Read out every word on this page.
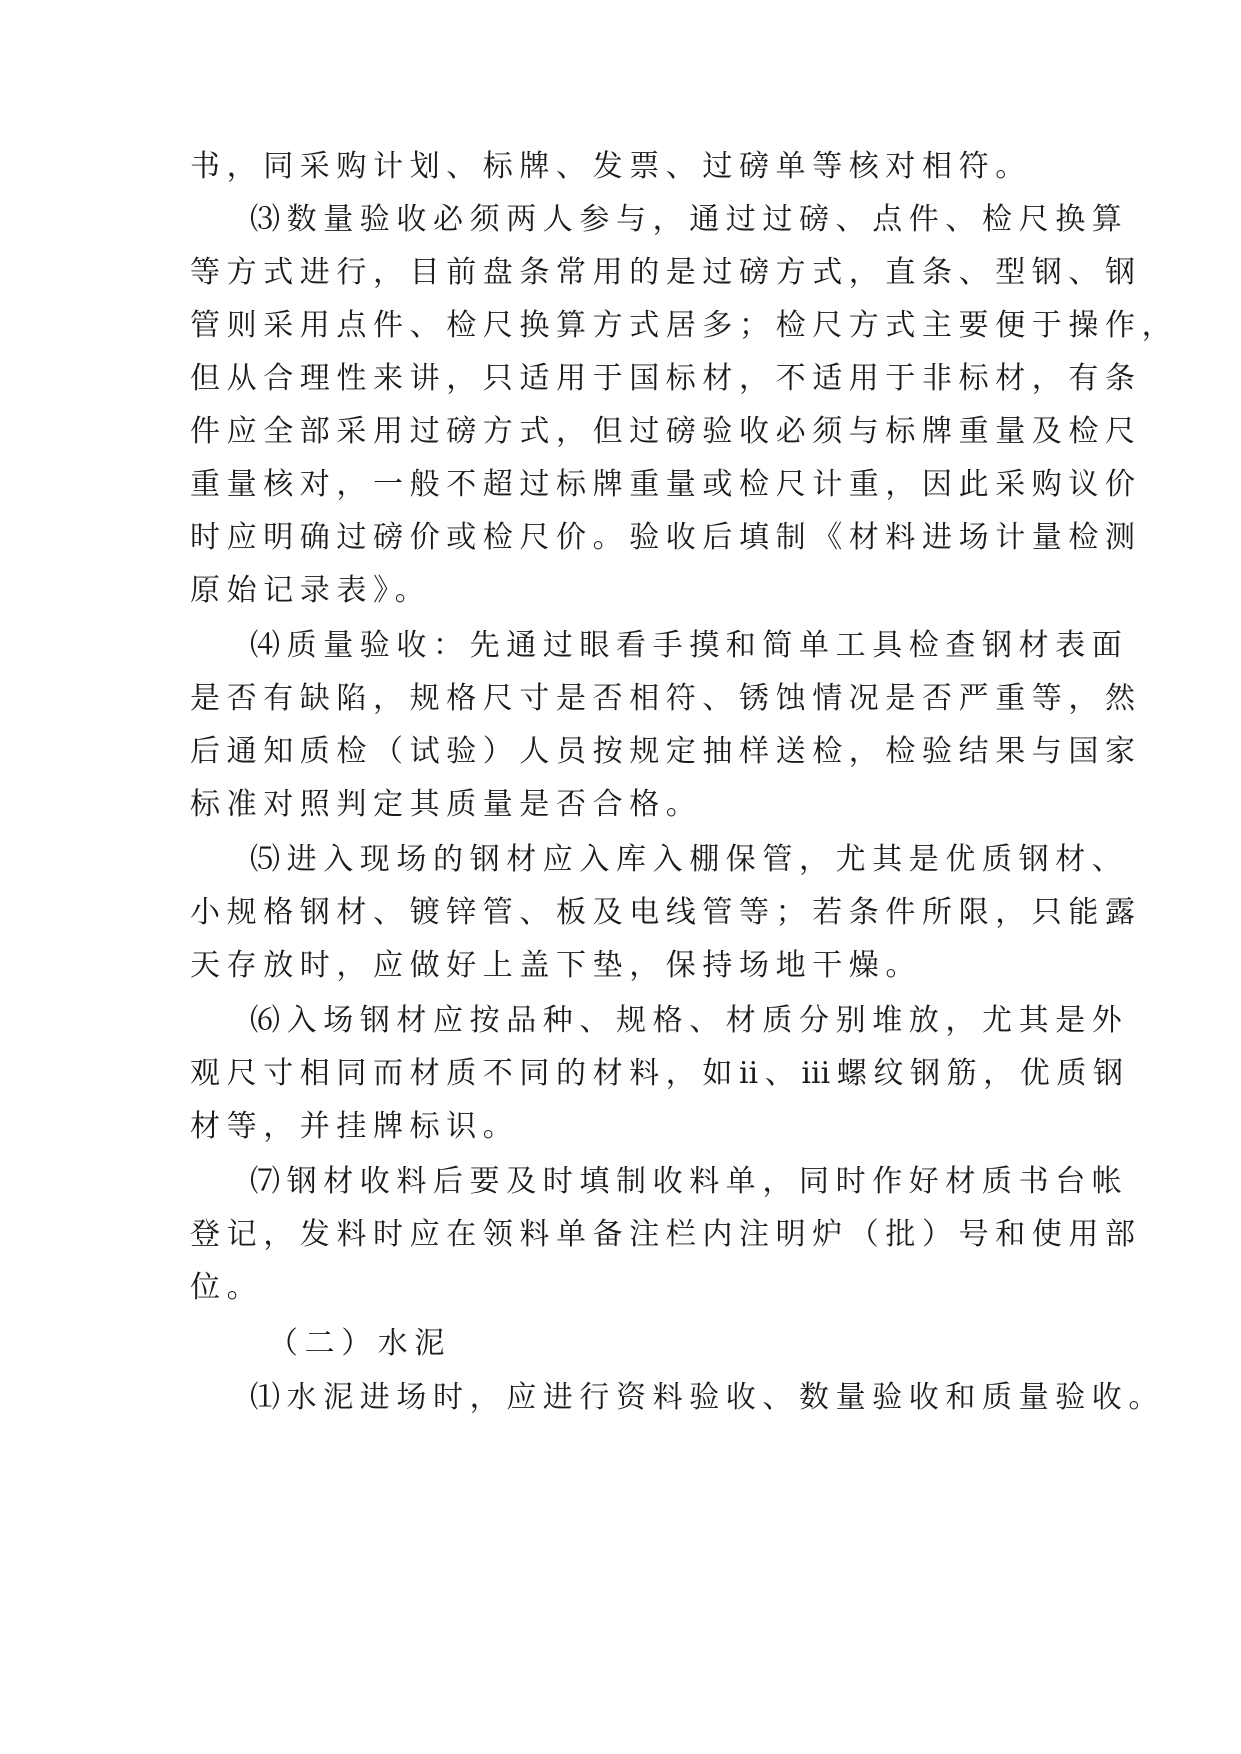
书，同采购计划、标牌、发票、过磅单等核对相符。
⑶数量验收必须两人参与，通过过磅、点件、检尺换算
等方式进行，目前盘条常用的是过磅方式，直条、型钢、钢
管则采用点件、检尺换算方式居多；检尺方式主要便于操作，
但从合理性来讲，只适用于国标材，不适用于非标材，有条
件应全部采用过磅方式，但过磅验收必须与标牌重量及检尺
重量核对，一般不超过标牌重量或检尺计重，因此采购议价
时应明确过磅价或检尺价。验收后填制《材料进场计量检测
原始记录表》。
⑷质量验收：先通过眼看手摸和简单工具检查钢材表面
是否有缺陷，规格尺寸是否相符、锈蚀情况是否严重等，然
后通知质检（试验）人员按规定抽样送检，检验结果与国家
标准对照判定其质量是否合格。
⑸进入现场的钢材应入库入棚保管，尤其是优质钢材、
小规格钢材、镀锌管、板及电线管等；若条件所限，只能露
天存放时，应做好上盖下垫，保持场地干燥。
⑹入场钢材应按品种、规格、材质分别堆放，尤其是外
观尺寸相同而材质不同的材料，如ⅱ、ⅲ螺纹钢筋，优质钢
材等，并挂牌标识。
⑺钢材收料后要及时填制收料单，同时作好材质书台帐
登记，发料时应在领料单备注栏内注明炉（批）号和使用部
位。
（二）水泥
⑴水泥进场时，应进行资料验收、数量验收和质量验收。
